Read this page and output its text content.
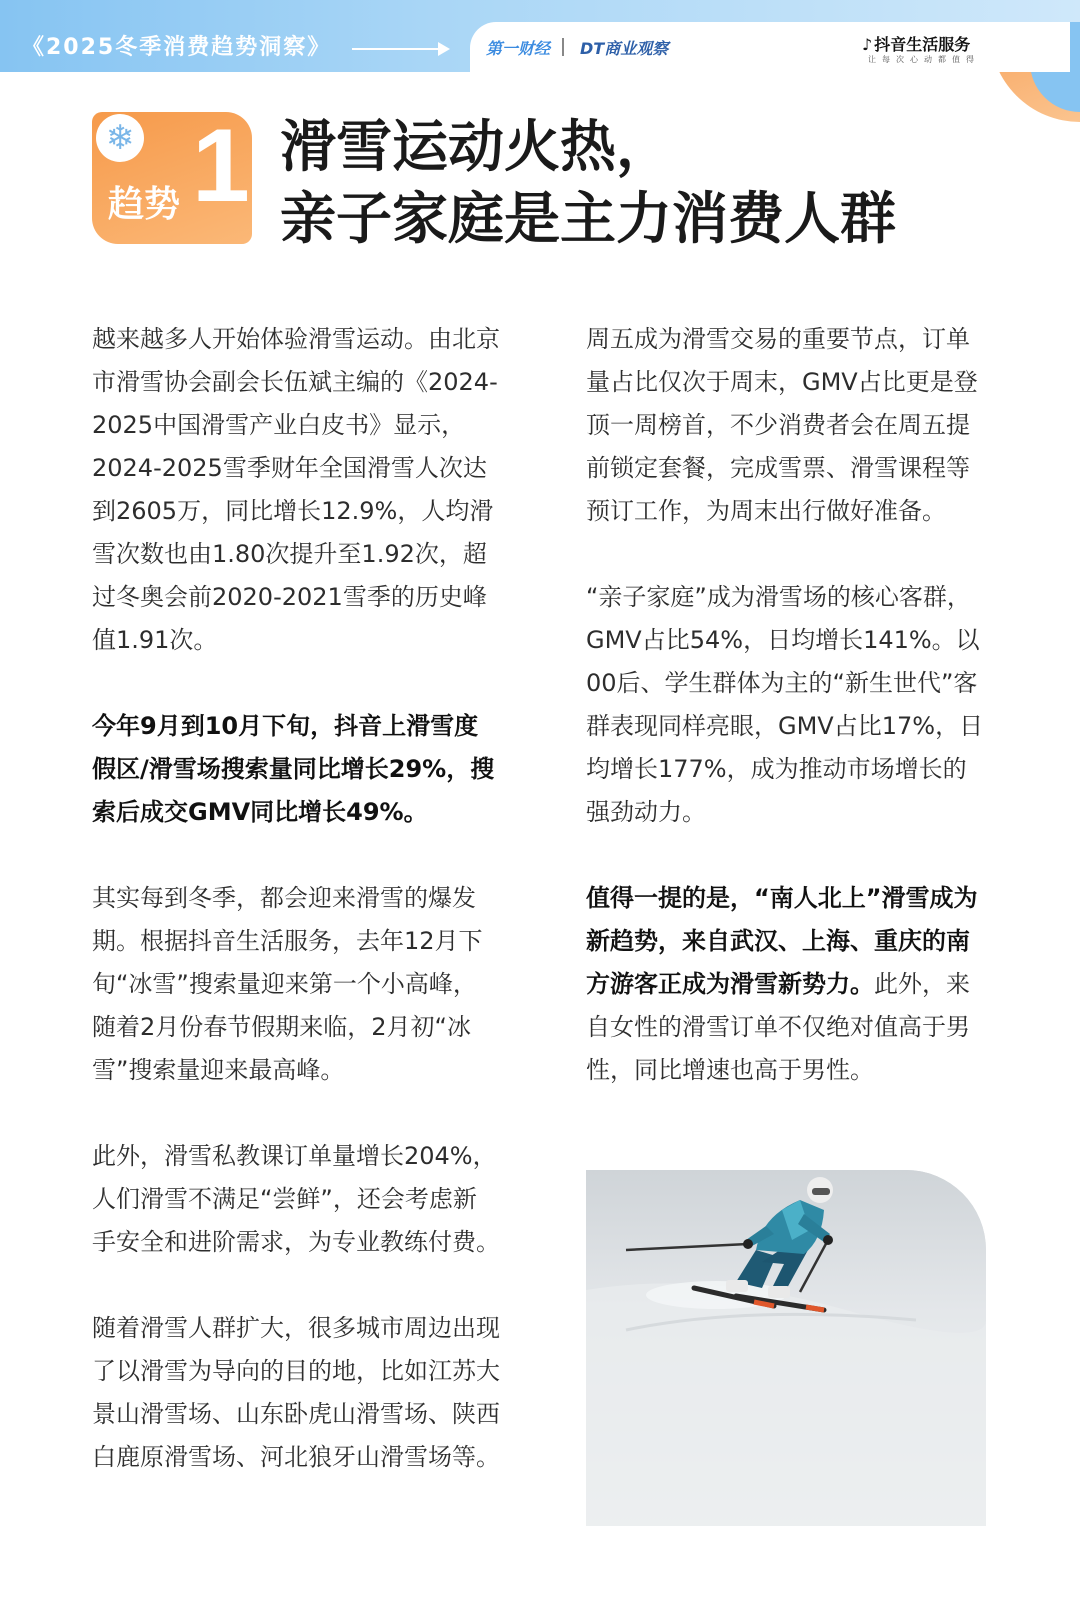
《2025冬季消费趋势洞察》	第一财经 DT商业观察	♪ 抖音生活服务
让每次心动都值得
05
❄
趋势 1 滑雪运动火热，
亲子家庭是主力消费人群

越来越多人开始体验滑雪运动。由北京市滑雪协会副会长伍斌主编的《2024-2025中国滑雪产业白皮书》显示，2024-2025雪季财年全国滑雪人次达到2605万，同比增长12.9%，人均滑雪次数也由1.80次提升至1.92次，超过冬奥会前2020-2021雪季的历史峰值1.91次。

今年9月到10月下旬，抖音上滑雪度假区/滑雪场搜索量同比增长29%，搜索后成交GMV同比增长49%。

其实每到冬季，都会迎来滑雪的爆发期。根据抖音生活服务，去年12月下旬“冰雪”搜索量迎来第一个小高峰，随着2月份春节假期来临，2月初“冰雪”搜索量迎来最高峰。

此外，滑雪私教课订单量增长204%，人们滑雪不满足“尝鲜”，还会考虑新手安全和进阶需求，为专业教练付费。

随着滑雪人群扩大，很多城市周边出现了以滑雪为导向的目的地，比如江苏大景山滑雪场、山东卧虎山滑雪场、陕西白鹿原滑雪场、河北狼牙山滑雪场等。

周五成为滑雪交易的重要节点，订单量占比仅次于周末，GMV占比更是登顶一周榜首，不少消费者会在周五提前锁定套餐，完成雪票、滑雪课程等预订工作，为周末出行做好准备。

“亲子家庭”成为滑雪场的核心客群，GMV占比54%，日均增长141%。以00后、学生群体为主的“新生世代”客群表现同样亮眼，GMV占比17%，日均增长177%，成为推动市场增长的强劲动力。

值得一提的是，“南人北上”滑雪成为新趋势，来自武汉、上海、重庆的南方游客正成为滑雪新势力。此外，来自女性的滑雪订单不仅绝对值高于男性，同比增速也高于男性。
